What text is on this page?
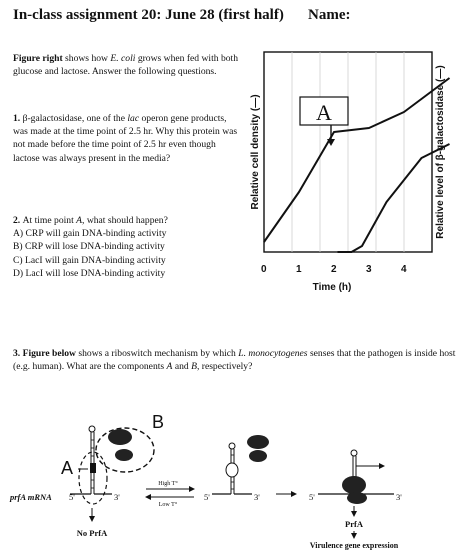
In-class assignment 20: June 28 (first half) Name:
Figure right shows how E. coli grows when fed with both glucose and lactose. Answer the following questions.
1. β-galactosidase, one of the lac operon gene products, was made at the time point of 2.5 hr. Why this protein was not made before the time point of 2.5 hr even though lactose was always present in the media?
2. At time point A, what should happen?
A) CRP will gain DNA-binding activity
B) CRP will lose DNA-binding activity
C) LacI will gain DNA-binding activity
D) LacI will lose DNA-binding activity	0	1	2	3	4
A
Relative cell density (—)	Relative level of β-galactosidase (—)
Time (h)
3. Figure below shows a riboswitch mechanism by which L. monocytogenes senses that the pathogen is inside host (e.g. human). What are the components A and B, respectively?
A
B
prfA mRNA 5'	3'
No PrfA
High T°
Low T°
5'	3'	5'	3'
PrfA
Virulence gene expression
